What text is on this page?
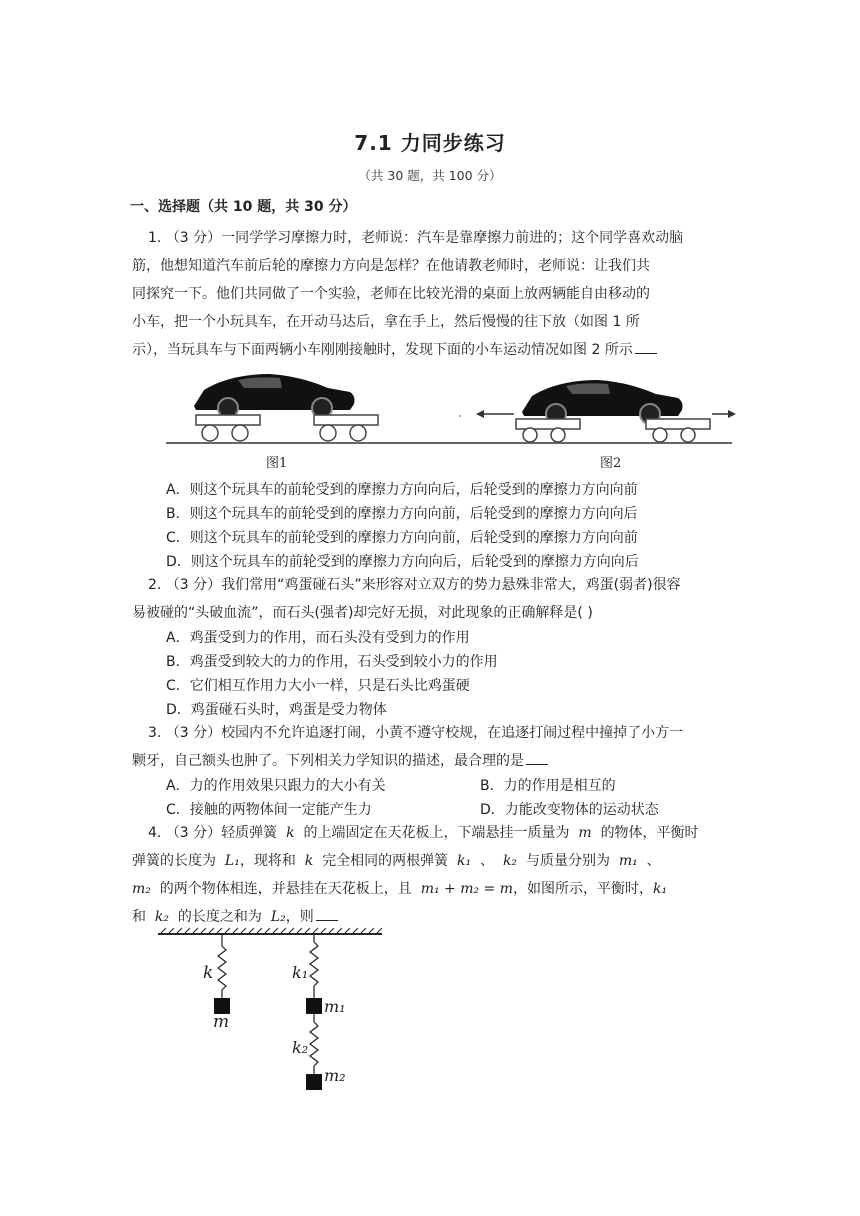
7.1 力同步练习
（共 30 题，共 100 分）
一、选择题（共 10 题，共 30 分）
1. （3 分）一同学学习摩擦力时，老师说：汽车是靠摩擦力前进的；这个同学喜欢动脑
筋，他想知道汽车前后轮的摩擦力方向是怎样？在他请教老师时，老师说：让我们共
同探究一下。他们共同做了一个实验，老师在比较光滑的桌面上放两辆能自由移动的
小车，把一个小玩具车，在开动马达后，拿在手上，然后慢慢的往下放（如图 1 所
示），当玩具车与下面两辆小车刚刚接触时，发现下面的小车运动情况如图 2 所示
图1	图2
A．则这个玩具车的前轮受到的摩擦力方向向后，后轮受到的摩擦力方向向前
B．则这个玩具车的前轮受到的摩擦力方向向前，后轮受到的摩擦力方向向后
C．则这个玩具车的前轮受到的摩擦力方向向前，后轮受到的摩擦力方向向前
D．则这个玩具车的前轮受到的摩擦力方向向后，后轮受到的摩擦力方向向后
2. （3 分）我们常用“鸡蛋碰石头”来形容对立双方的势力悬殊非常大，鸡蛋(弱者)很容
易被碰的“头破血流”，而石头(强者)却完好无损，对此现象的正确解释是( )
A．鸡蛋受到力的作用，而石头没有受到力的作用
B．鸡蛋受到较大的力的作用，石头受到较小力的作用
C．它们相互作用力大小一样，只是石头比鸡蛋硬
D．鸡蛋碰石头时，鸡蛋是受力物体
3. （3 分）校园内不允许追逐打闹，小黄不遵守校规，在追逐打闹过程中撞掉了小方一
颗牙，自己额头也肿了。下列相关力学知识的描述，最合理的是
A．力的作用效果只跟力的大小有关	B．力的作用是相互的
C．接触的两物体间一定能产生力	D．力能改变物体的运动状态
4. （3 分）轻质弹簧 k 的上端固定在天花板上，下端悬挂一质量为 m 的物体，平衡时
弹簧的长度为 L₁，现将和 k 完全相同的两根弹簧 k₁ 、 k₂ 与质量分别为 m₁ 、
m₂ 的两个物体相连，并悬挂在天花板上，且 m₁ + m₂ = m，如图所示，平衡时，k₁
和 k₂ 的长度之和为 L₂，则
k
m
k₁
m₁
k₂
m₂
